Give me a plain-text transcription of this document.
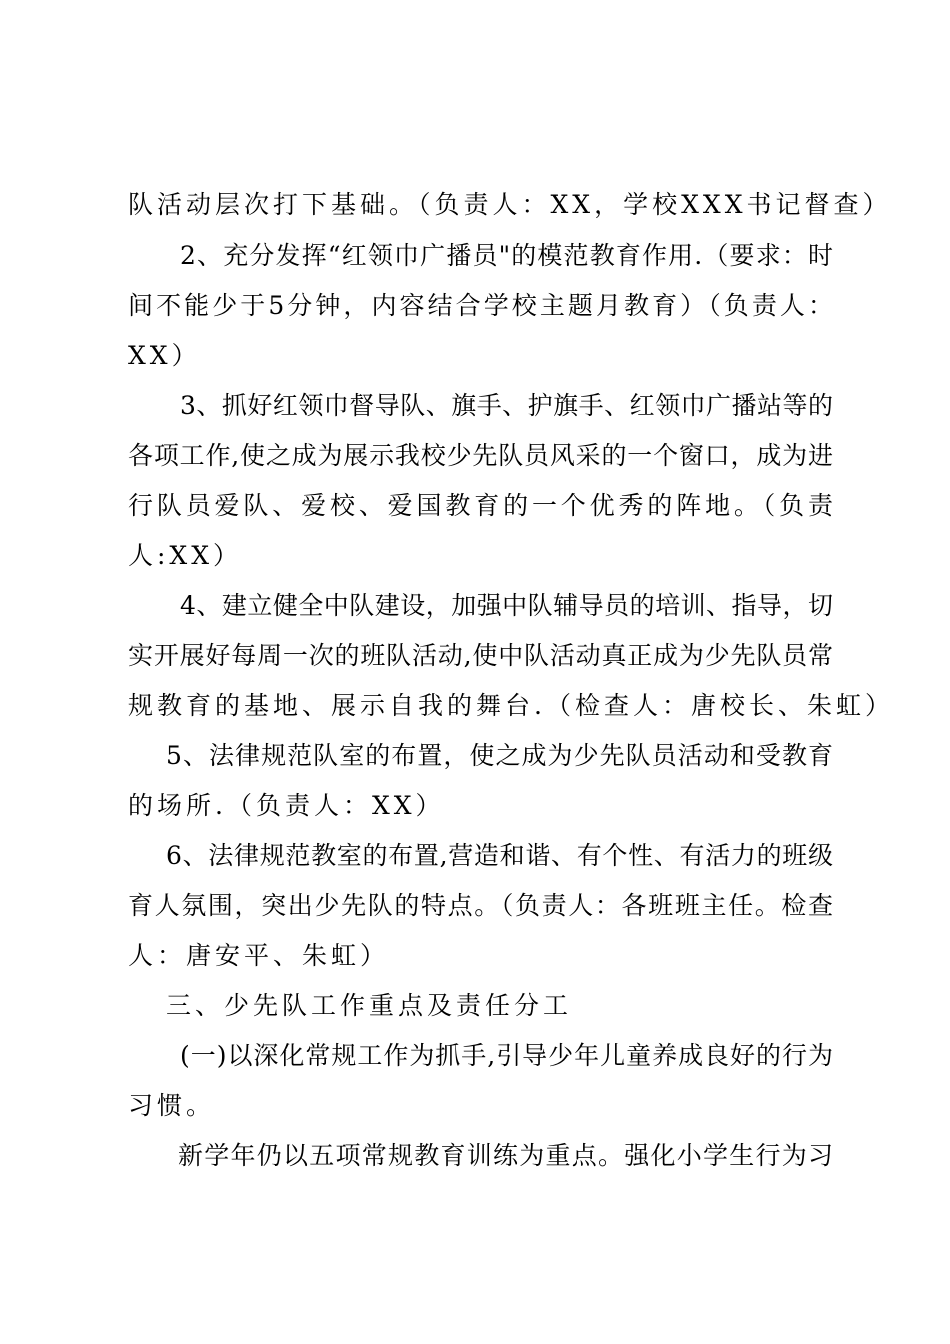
队活动层次打下基础。（负责人：XX，学校XXX书记督查）
2、充分发挥“红领巾广播员"的模范教育作用.（要求：时
间不能少于5分钟，内容结合学校主题月教育）（负责人：
XX）
3、抓好红领巾督导队、旗手、护旗手、红领巾广播站等的
各项工作,使之成为展示我校少先队员风采的一个窗口，成为进
行队员爱队、爱校、爱国教育的一个优秀的阵地。（负责
人:XX）
4、建立健全中队建设，加强中队辅导员的培训、指导，切
实开展好每周一次的班队活动,使中队活动真正成为少先队员常
规教育的基地、展示自我的舞台.（检查人：唐校长、朱虹）
5、法律规范队室的布置，使之成为少先队员活动和受教育
的场所.（负责人：XX）
6、法律规范教室的布置,营造和谐、有个性、有活力的班级
育人氛围，突出少先队的特点。（负责人：各班班主任。检查
人：唐安平、朱虹）
三、少先队工作重点及责任分工
(一)以深化常规工作为抓手,引导少年儿童养成良好的行为
习惯。
新学年仍以五项常规教育训练为重点。强化小学生行为习
